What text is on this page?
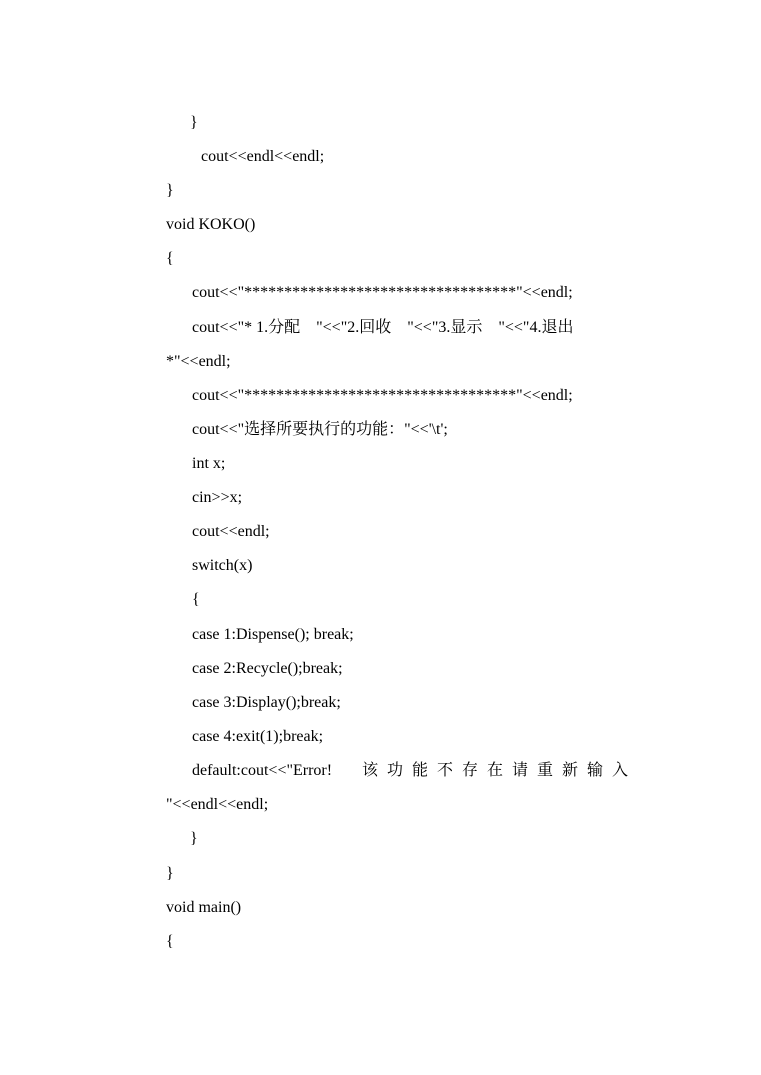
}
cout<<endl<<endl;
}
void KOKO()
{
cout<<"**********************************"<<endl;
cout<<"* 1.分配    "<<"2.回收    "<<"3.显示    "<<"4.退出
*"<<endl;
cout<<"**********************************"<<endl;
cout<<"选择所要执行的功能："<<'\t';
int x;
cin>>x;
cout<<endl;
switch(x)
{
case 1:Dispense(); break;
case 2:Recycle();break;
case 3:Display();break;
case 4:exit(1);break;
default:cout<<"Error! 该功能不存在请重新输入
"<<endl<<endl;
}
}
void main()
{
